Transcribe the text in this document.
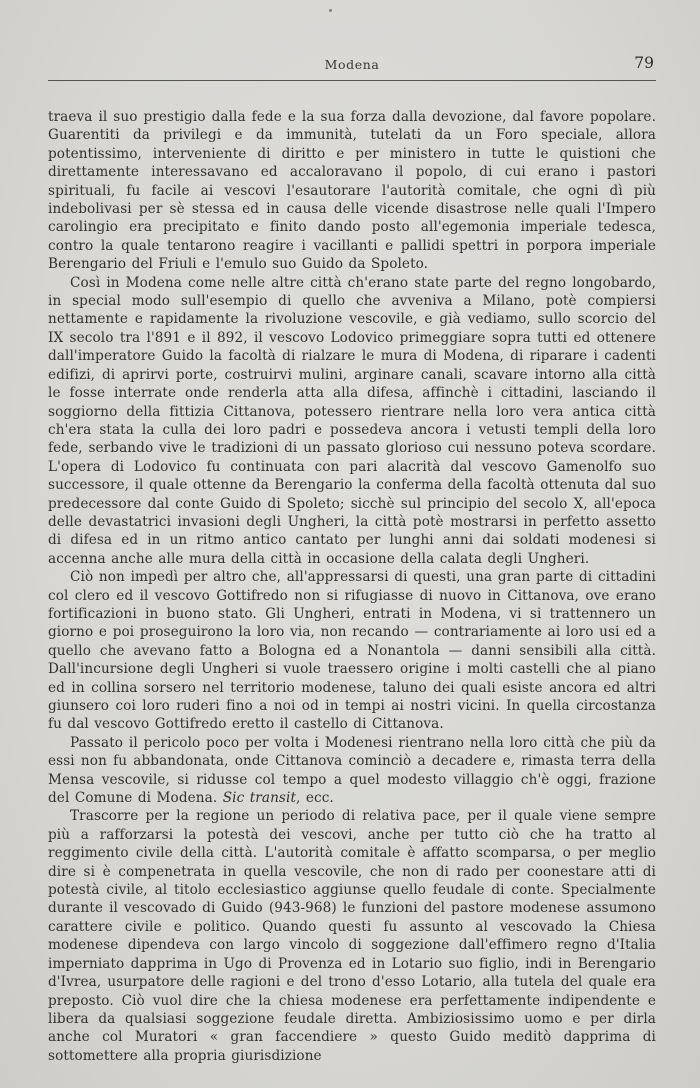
Modena	79

traeva il suo prestigio dalla fede e la sua forza dalla devozione, dal favore popolare. Guarentiti da privilegi e da immunità, tutelati da un Foro speciale, allora potentissimo, interveniente di diritto e per ministero in tutte le quistioni che direttamente interessavano ed accaloravano il popolo, di cui erano i pastori spirituali, fu facile ai vescovi l'esautorare l'autorità comitale, che ogni dì più indebolivasi per sè stessa ed in causa delle vicende disastrose nelle quali l'Impero carolingio era precipitato e finito dando posto all'egemonia imperiale tedesca, contro la quale tentarono reagire i vacillanti e pallidi spettri in porpora imperiale Berengario del Friuli e l'emulo suo Guido da Spoleto.

Così in Modena come nelle altre città ch'erano state parte del regno longobardo, in special modo sull'esempio di quello che avveniva a Milano, potè compiersi nettamente e rapidamente la rivoluzione vescovile, e già vediamo, sullo scorcio del IX secolo tra l'891 e il 892, il vescovo Lodovico primeggiare sopra tutti ed ottenere dall'imperatore Guido la facoltà di rialzare le mura di Modena, di riparare i cadenti edifizi, di aprirvi porte, costruirvi mulini, arginare canali, scavare intorno alla città le fosse interrate onde renderla atta alla difesa, affinchè i cittadini, lasciando il soggiorno della fittizia Cittanova, potessero rientrare nella loro vera antica città ch'era stata la culla dei loro padri e possedeva ancora i vetusti templi della loro fede, serbando vive le tradizioni di un passato glorioso cui nessuno poteva scordare. L'opera di Lodovico fu continuata con pari alacrità dal vescovo Gamenolfo suo successore, il quale ottenne da Berengario la conferma della facoltà ottenuta dal suo predecessore dal conte Guido di Spoleto; sicchè sul principio del secolo X, all'epoca delle devastatrici invasioni degli Ungheri, la città potè mostrarsi in perfetto assetto di difesa ed in un ritmo antico cantato per lunghi anni dai soldati modenesi si accenna anche alle mura della città in occasione della calata degli Ungheri.

Ciò non impedì per altro che, all'appressarsi di questi, una gran parte di cittadini col clero ed il vescovo Gottifredo non si rifugiasse di nuovo in Cittanova, ove erano fortificazioni in buono stato. Gli Ungheri, entrati in Modena, vi si trattennero un giorno e poi proseguirono la loro via, non recando — contrariamente ai loro usi ed a quello che avevano fatto a Bologna ed a Nonantola — danni sensibili alla città. Dall'incursione degli Ungheri si vuole traessero origine i molti castelli che al piano ed in collina sorsero nel territorio modenese, taluno dei quali esiste ancora ed altri giunsero coi loro ruderi fino a noi od in tempi ai nostri vicini. In quella circostanza fu dal vescovo Gottifredo eretto il castello di Cittanova.

Passato il pericolo poco per volta i Modenesi rientrano nella loro città che più da essi non fu abbandonata, onde Cittanova cominciò a decadere e, rimasta terra della Mensa vescovile, si ridusse col tempo a quel modesto villaggio ch'è oggi, frazione del Comune di Modena. Sic transit, ecc.

Trascorre per la regione un periodo di relativa pace, per il quale viene sempre più a rafforzarsi la potestà dei vescovi, anche per tutto ciò che ha tratto al reggimento civile della città. L'autorità comitale è affatto scomparsa, o per meglio dire si è compenetrata in quella vescovile, che non di rado per coonestare atti di potestà civile, al titolo ecclesiastico aggiunse quello feudale di conte. Specialmente durante il vescovado di Guido (943-968) le funzioni del pastore modenese assumono carattere civile e politico. Quando questi fu assunto al vescovado la Chiesa modenese dipendeva con largo vincolo di soggezione dall'effimero regno d'Italia imperniato dapprima in Ugo di Provenza ed in Lotario suo figlio, indi in Berengario d'Ivrea, usurpatore delle ragioni e del trono d'esso Lotario, alla tutela del quale era preposto. Ciò vuol dire che la chiesa modenese era perfettamente indipendente e libera da qualsiasi soggezione feudale diretta. Ambiziosissimo uomo e per dirla anche col Muratori « gran faccendiere » questo Guido meditò dapprima di sottomettere alla propria giurisdizione
